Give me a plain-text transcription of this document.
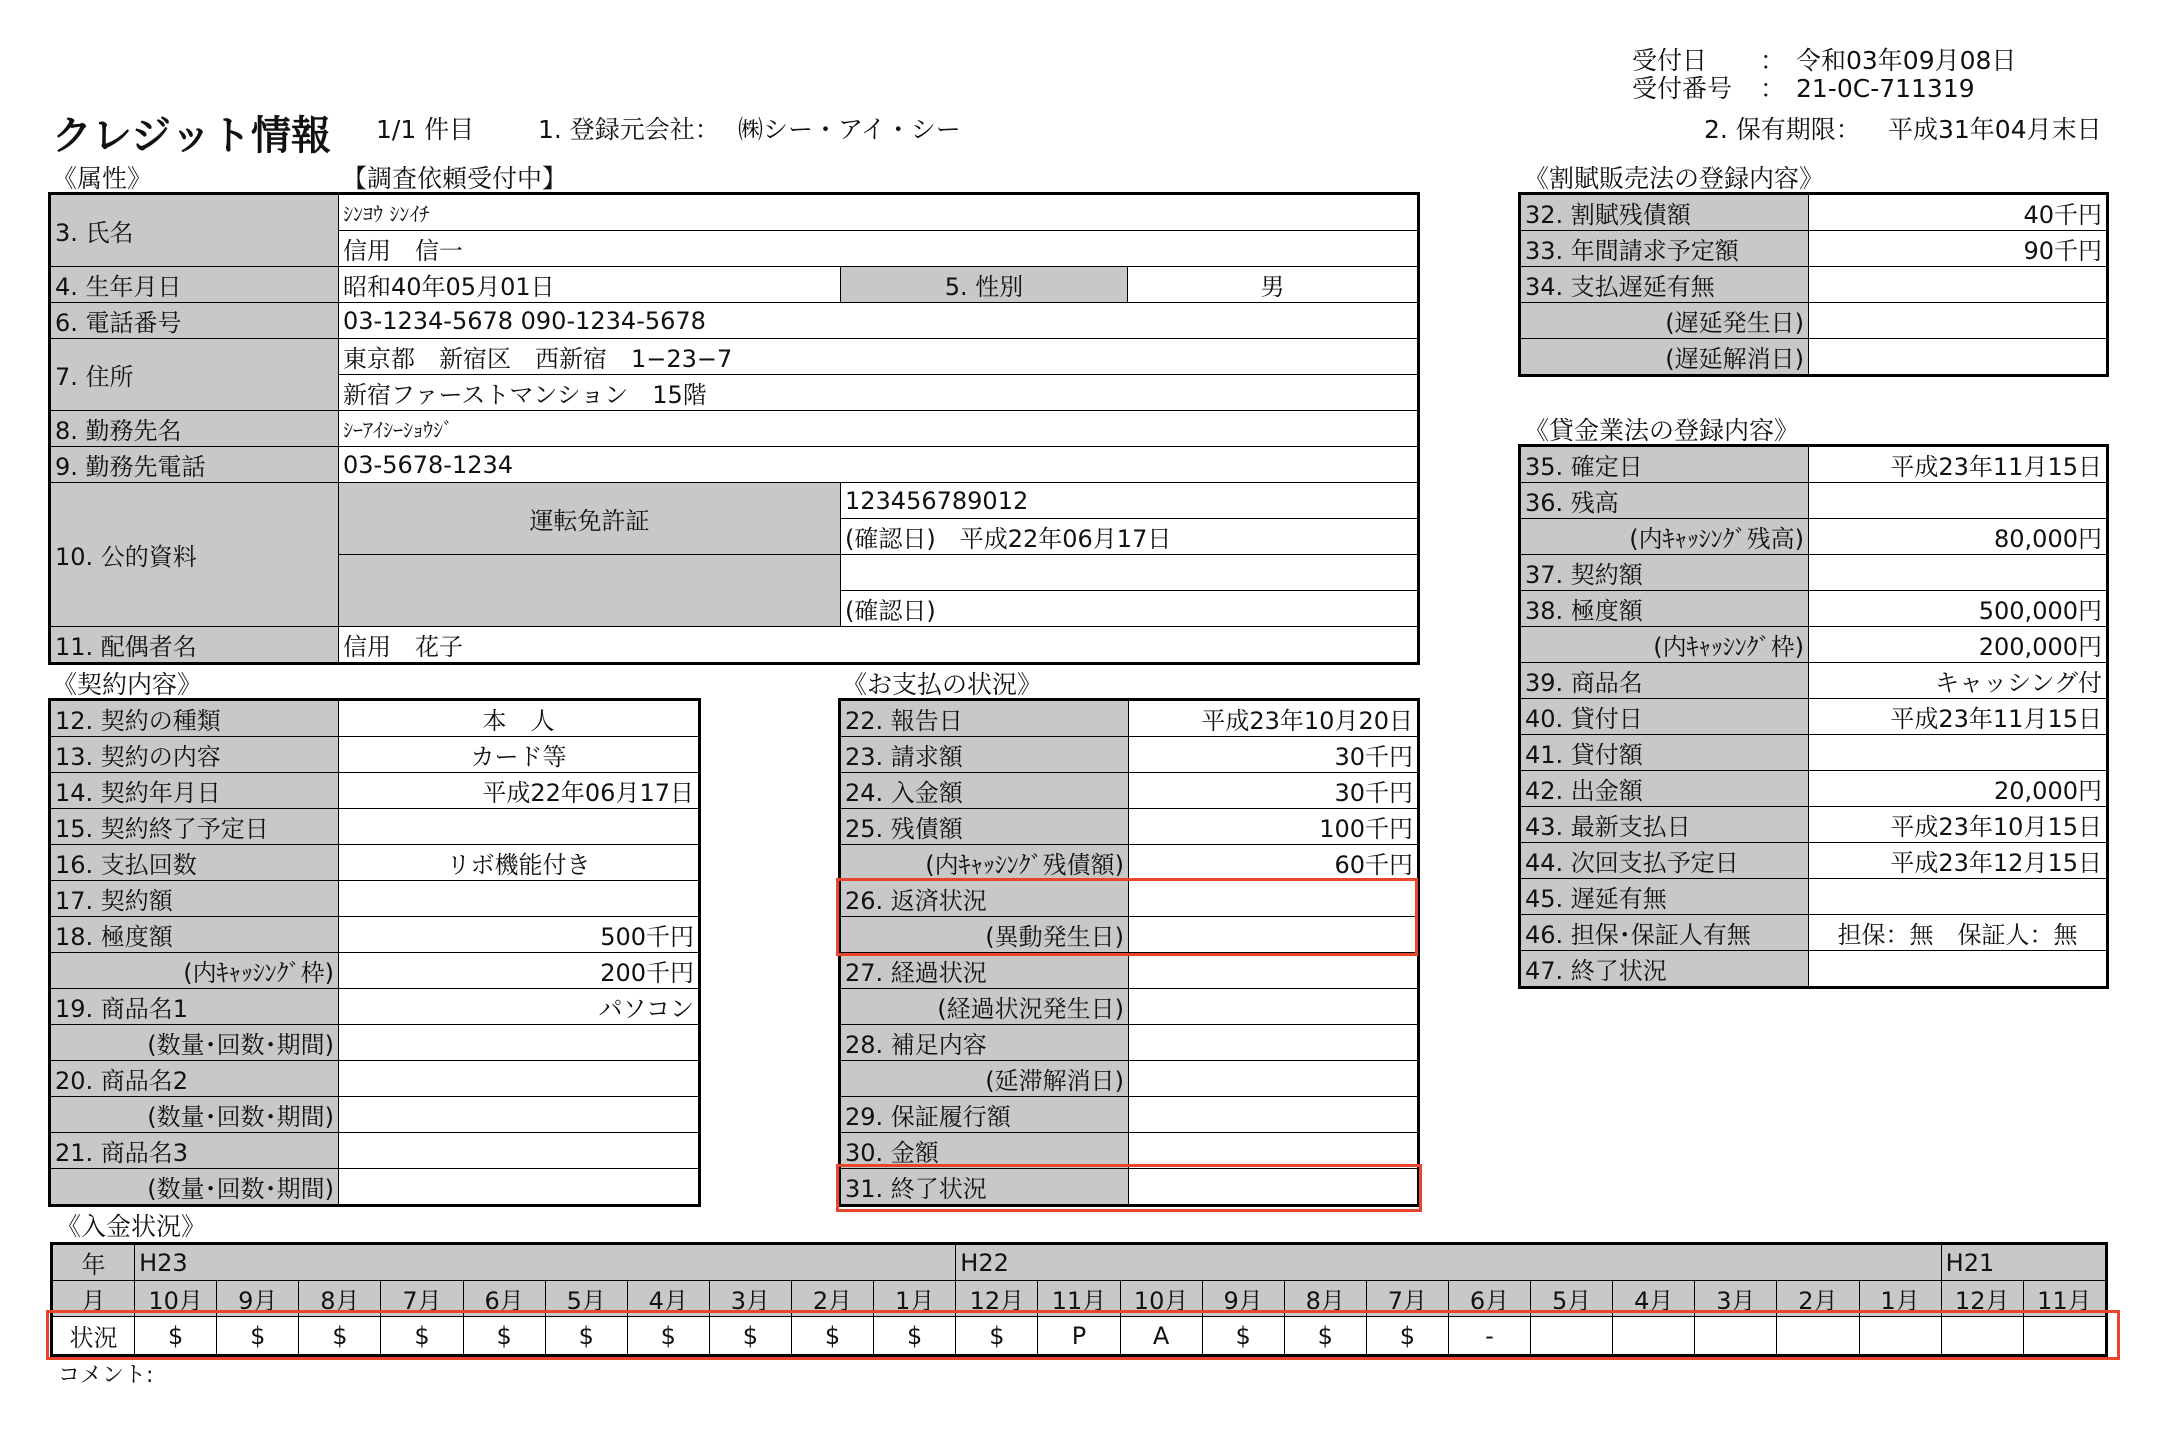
クレジット情報 1/1 件目	1. 登録元会社： ㈱シー・アイ・シー
受付日 ： 令和03年09月08日
受付番号 ： 21-0C-711319
2. 保有期限： 平成31年04月末日
《属性》	【調査依頼受付中】
3. 氏名	ｼﾝﾖｳ ｼﾝｲﾁ		
	信用　信一		
4. 生年月日	昭和40年05月01日	5. 性別	男
6. 電話番号	03-1234-5678 090-1234-5678		
7. 住所	東京都　新宿区　西新宿　1−23−7		
	新宿ファーストマンション　15階		
8. 勤務先名	ｼｰｱｲｼｰｼｮｳｼﾞ		
9. 勤務先電話	03-5678-1234		
10. 公的資料	運転免許証	123456789012	
		(確認日)　平成22年06月17日	

		(確認日)	
11. 配偶者名	信用　花子		
《契約内容》
12. 契約の種類	本　人
13. 契約の内容	カード等
14. 契約年月日	平成22年06月17日
15. 契約終了予定日	
16. 支払回数	リボ機能付き
17. 契約額	
18. 極度額	500千円
(内ｷｬｯｼﾝｸﾞ枠)	200千円
19. 商品名1	パソコン
(数量･回数･期間)	
20. 商品名2	
(数量･回数･期間)	
21. 商品名3	
(数量･回数･期間)	
《お支払の状況》
22. 報告日	平成23年10月20日
23. 請求額	30千円
24. 入金額	30千円
25. 残債額	100千円
(内ｷｬｯｼﾝｸﾞ残債額)	60千円
26. 返済状況	
(異動発生日)	
27. 経過状況	
(経過状況発生日)	
28. 補足内容	
(延滞解消日)	
29. 保証履行額	
30. 金額	
31. 終了状況	
《割賦販売法の登録内容》
32. 割賦残債額	40千円
33. 年間請求予定額	90千円
34. 支払遅延有無	
(遅延発生日)	
(遅延解消日)	
《貸金業法の登録内容》
35. 確定日	平成23年11月15日
36. 残高	
(内ｷｬｯｼﾝｸﾞ残高)	80,000円
37. 契約額	
38. 極度額	500,000円
(内ｷｬｯｼﾝｸﾞ枠)	200,000円
39. 商品名	キャッシング付
40. 貸付日	平成23年11月15日
41. 貸付額	
42. 出金額	20,000円
43. 最新支払日	平成23年10月15日
44. 次回支払予定日	平成23年12月15日
45. 遅延有無	
46. 担保･保証人有無	担保：無　保証人：無
47. 終了状況	
《入金状況》
年	H23										H22												H21	
月	10月	9月	8月	7月	6月	5月	4月	3月	2月	1月	12月	11月	10月	9月	8月	7月	6月	5月	4月	3月	2月	1月	12月	11月
状況	$	$	$	$	$	$	$	$	$	$	$	P	A	$	$	$	-							
コメント:
